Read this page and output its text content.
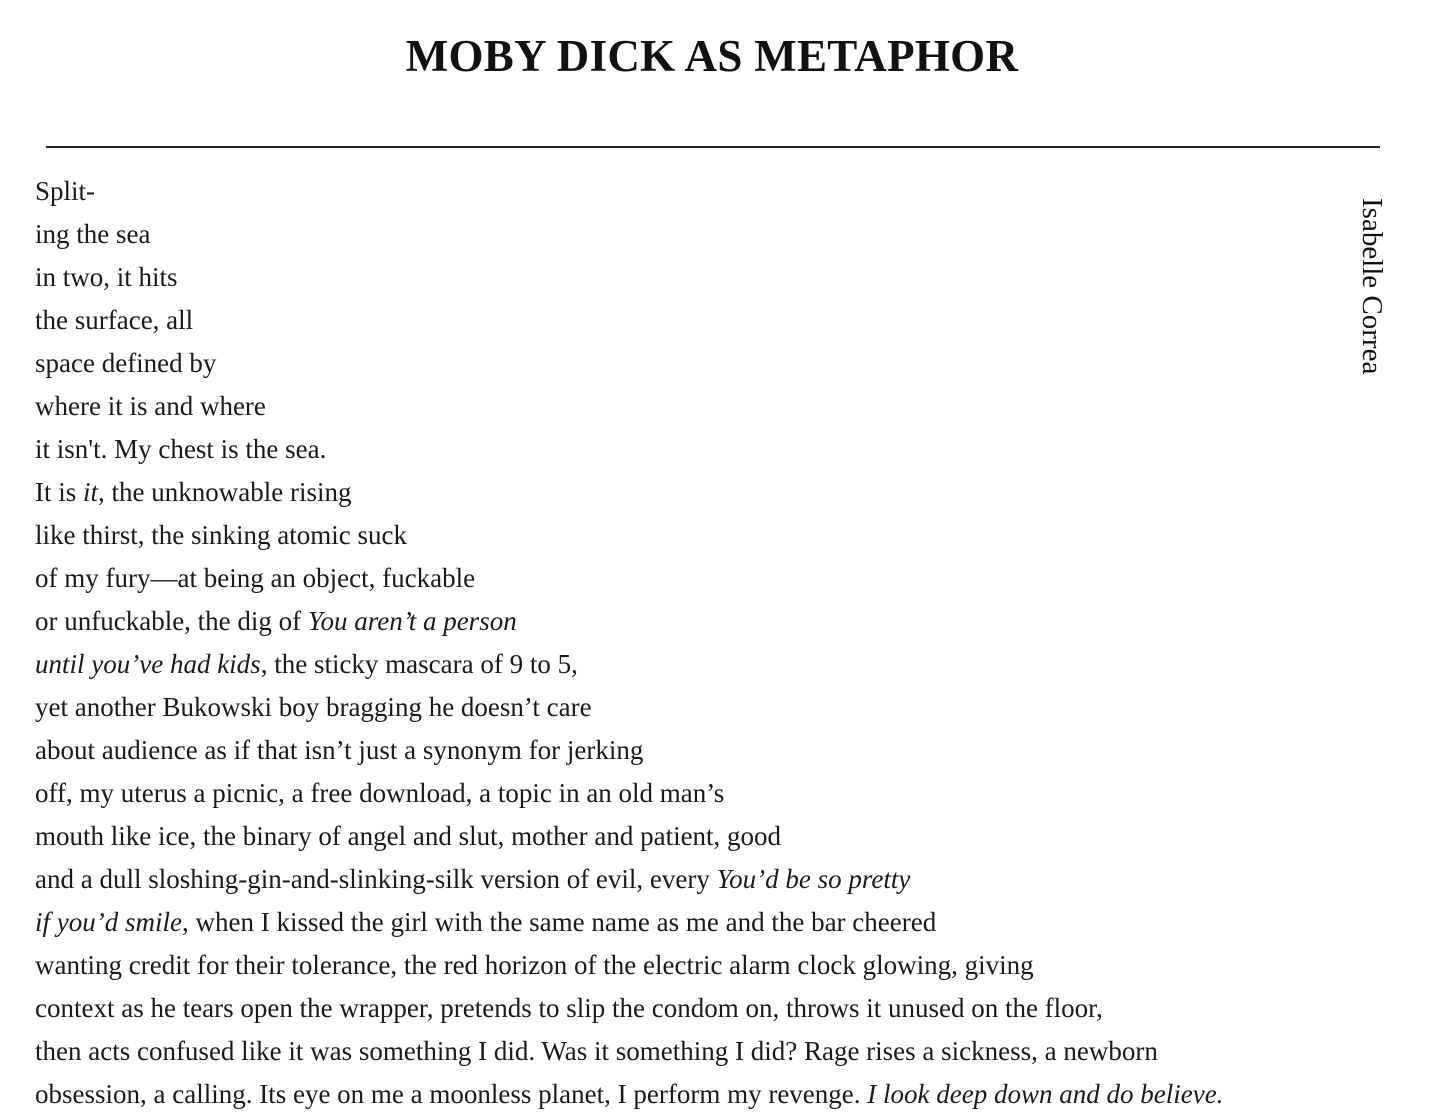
MOBY DICK AS METAPHOR
Split-
ing the sea
in two, it hits
the surface, all
space defined by
where it is and where
it isn't. My chest is the sea.
It is it, the unknowable rising
like thirst, the sinking atomic suck
of my fury—at being an object, fuckable
or unfuckable, the dig of You aren’t a person
until you’ve had kids, the sticky mascara of 9 to 5,
yet another Bukowski boy bragging he doesn’t care
about audience as if that isn’t just a synonym for jerking
off, my uterus a picnic, a free download, a topic in an old man’s
mouth like ice, the binary of angel and slut, mother and patient, good
and a dull sloshing-gin-and-slinking-silk version of evil, every You’d be so pretty
if you’d smile, when I kissed the girl with the same name as me and the bar cheered
wanting credit for their tolerance, the red horizon of the electric alarm clock glowing, giving
context as he tears open the wrapper, pretends to slip the condom on, throws it unused on the floor,
then acts confused like it was something I did. Was it something I did? Rage rises a sickness, a newborn
obsession, a calling. Its eye on me a moonless planet, I perform my revenge. I look deep down and do believe.
Isabelle Correa
